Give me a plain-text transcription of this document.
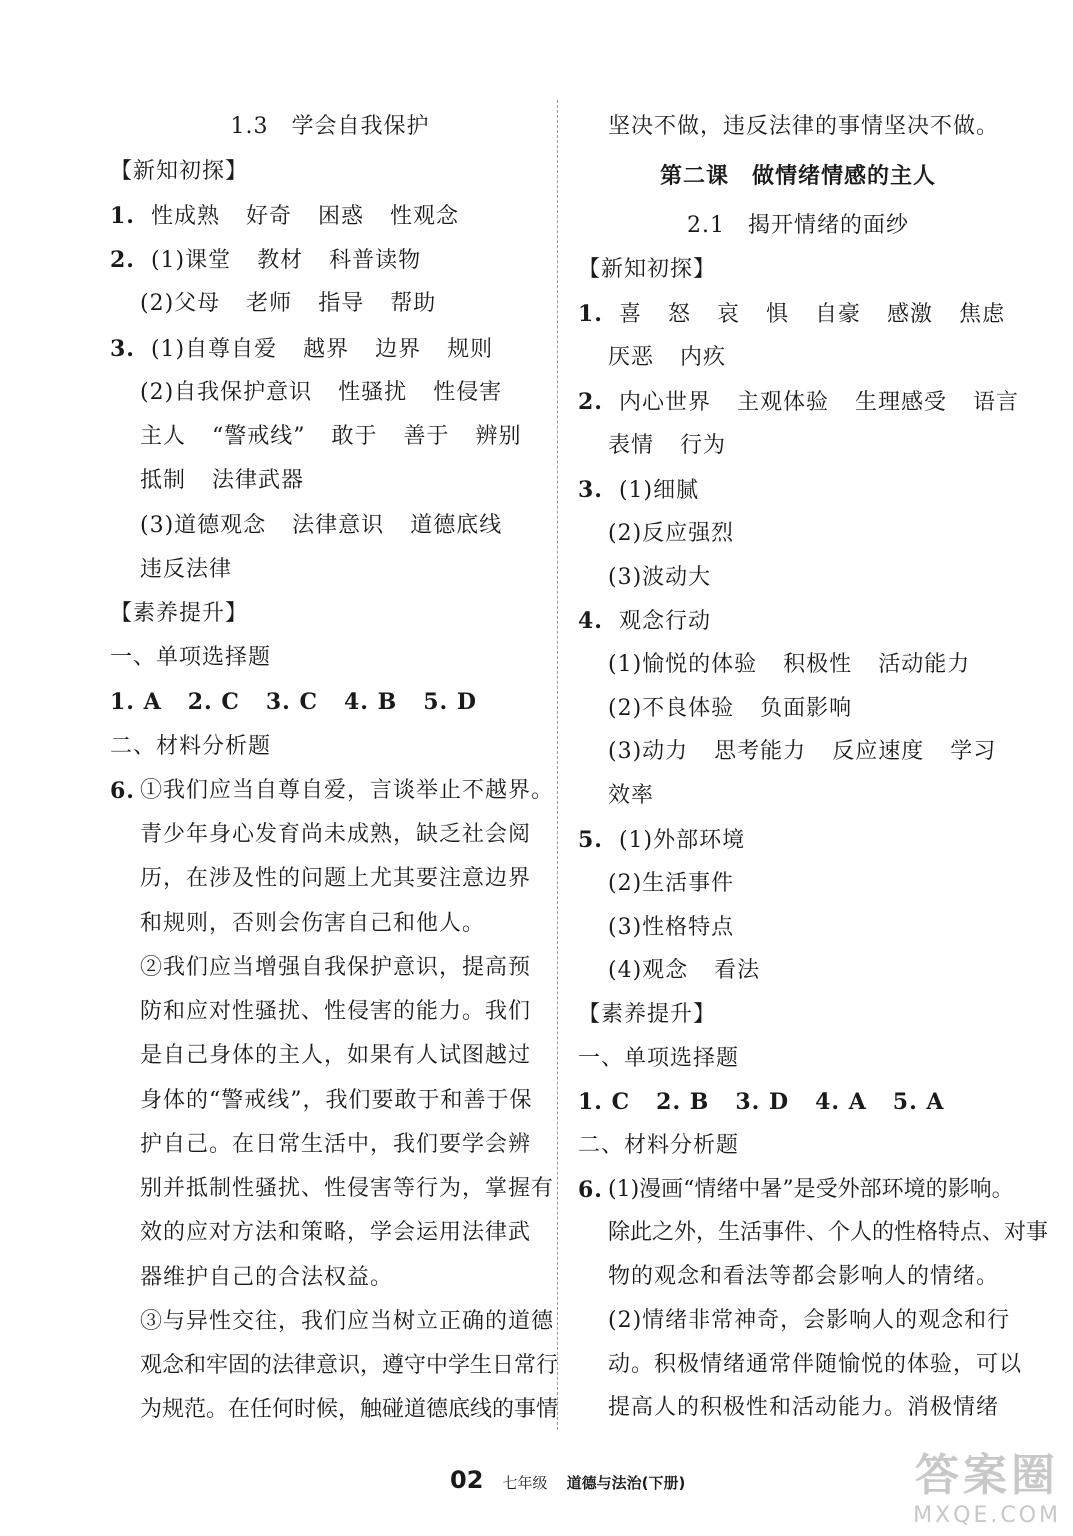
1.3　学会自我保护
【新知初探】
1. 性成熟 好奇 困惑 性观念
2. (1)课堂 教材 科普读物
(2)父母 老师 指导 帮助
3. (1)自尊自爱 越界 边界 规则
(2)自我保护意识 性骚扰 性侵害
主人 “警戒线” 敢于 善于 辨别
抵制 法律武器
(3)道德观念 法律意识 道德底线
违反法律
【素养提升】
一、单项选择题
1. A 2. C 3. C 4. B 5. D
二、材料分析题
6. ①我们应当自尊自爱，言谈举止不越界。
青少年身心发育尚未成熟，缺乏社会阅
历，在涉及性的问题上尤其要注意边界
和规则，否则会伤害自己和他人。
②我们应当增强自我保护意识，提高预
防和应对性骚扰、性侵害的能力。我们
是自己身体的主人，如果有人试图越过
身体的“警戒线”，我们要敢于和善于保
护自己。在日常生活中，我们要学会辨
别并抵制性骚扰、性侵害等行为，掌握有
效的应对方法和策略，学会运用法律武
器维护自己的合法权益。
③与异性交往，我们应当树立正确的道德
观念和牢固的法律意识，遵守中学生日常行
为规范。在任何时候，触碰道德底线的事情
坚决不做，违反法律的事情坚决不做。
第二课　做情绪情感的主人
2.1　揭开情绪的面纱
【新知初探】
1. 喜 怒 哀 惧 自豪 感激 焦虑
厌恶 内疚
2. 内心世界 主观体验 生理感受 语言
表情 行为
3. (1)细腻
(2)反应强烈
(3)波动大
4. 观念行动
(1)愉悦的体验 积极性 活动能力
(2)不良体验 负面影响
(3)动力 思考能力 反应速度 学习
效率
5. (1)外部环境
(2)生活事件
(3)性格特点
(4)观念 看法
【素养提升】
一、单项选择题
1. C 2. B 3. D 4. A 5. A
二、材料分析题
6. (1)漫画“情绪中暑”是受外部环境的影响。
除此之外，生活事件、个人的性格特点、对事
物的观念和看法等都会影响人的情绪。
(2)情绪非常神奇，会影响人的观念和行
动。积极情绪通常伴随愉悦的体验，可以
提高人的积极性和活动能力。消极情绪
02 七年级 道德与法治(下册)	答案圈
MXQE.COM
